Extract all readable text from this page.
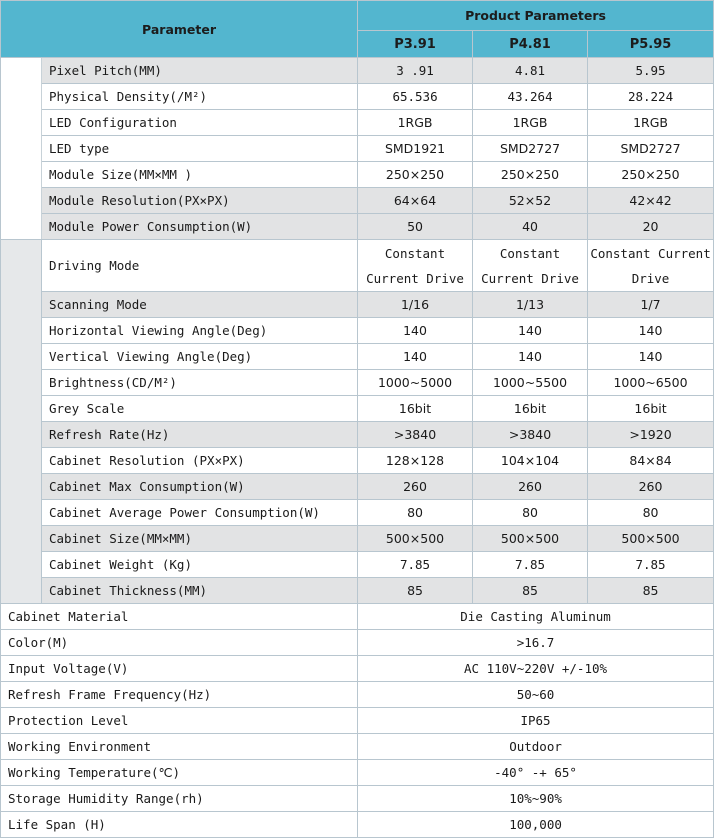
Parameter		Product Parameters		
		P3.91	P4.81	P5.95
	Pixel Pitch(MM)	3 .91	4.81	5.95
	Physical Density(/M²)	65.536	43.264	28.224
	LED Configuration	1RGB	1RGB	1RGB
	LED type	SMD1921	SMD2727	SMD2727
	Module Size(MM×MM )	250×250	250×250	250×250
	Module Resolution(PX×PX)	64×64	52×52	42×42
	Module Power Consumption(W)	50	40	20
	Driving Mode	Constant Current Drive	Constant Current Drive	Constant Current Drive
	Scanning Mode	1/16	1/13	1/7
	Horizontal Viewing Angle(Deg)	140	140	140
	Vertical Viewing Angle(Deg)	140	140	140
	Brightness(CD/M²)	1000~5000	1000~5500	1000~6500
	Grey Scale	16bit	16bit	16bit
	Refresh Rate(Hz)	>3840	>3840	>1920
	Cabinet Resolution (PX×PX)	128×128	104×104	84×84
	Cabinet Max Consumption(W)	260	260	260
	Cabinet Average Power Consumption(W)	80	80	80
	Cabinet Size(MM×MM)	500×500	500×500	500×500
	Cabinet Weight (Kg)	7.85	7.85	7.85
	Cabinet Thickness(MM)	85	85	85
Cabinet Material		Die Casting Aluminum		
Color(M)		>16.7		
Input Voltage(V)		AC 110V~220V +/-10%		
Refresh Frame Frequency(Hz)		50~60		
Protection Level		IP65		
Working Environment		Outdoor		
Working Temperature(℃)		-40° -+ 65°		
Storage Humidity Range(rh)		10%~90%		
Life Span (H)		100,000		
